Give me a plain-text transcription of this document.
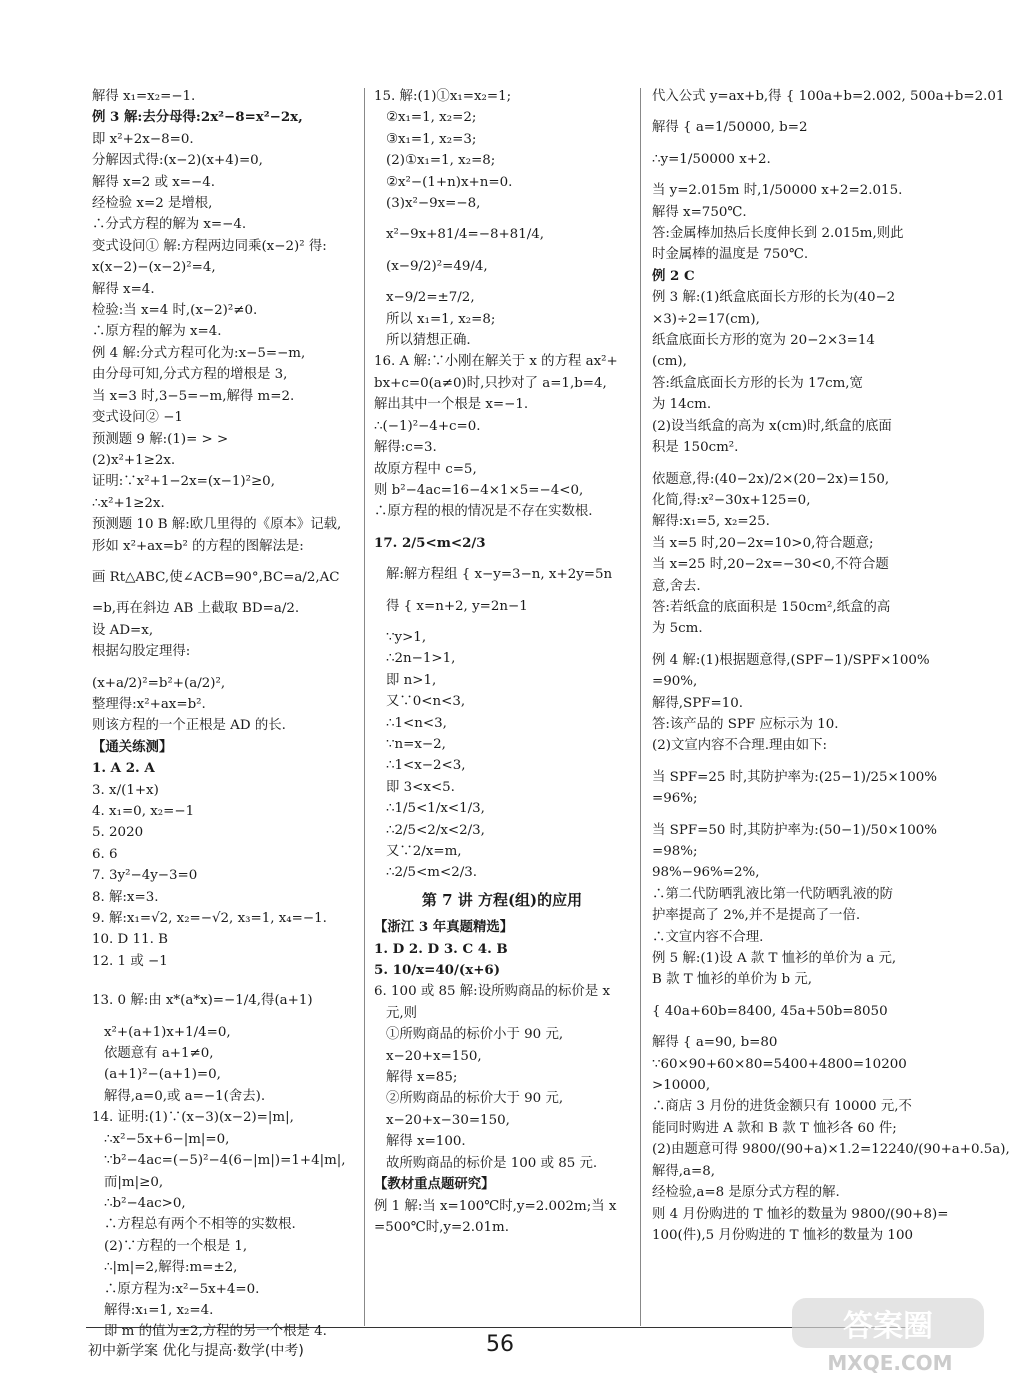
解得 x₁=x₂=−1.
例 3 解:去分母得:2x²−8=x²−2x,
即 x²+2x−8=0.
分解因式得:(x−2)(x+4)=0,
解得 x=2 或 x=−4.
经检验 x=2 是增根,
∴分式方程的解为 x=−4.
变式设问① 解:方程两边同乘(x−2)² 得:
x(x−2)−(x−2)²=4,
解得 x=4.
检验:当 x=4 时,(x−2)²≠0.
∴原方程的解为 x=4.
例 4 解:分式方程可化为:x−5=−m,
由分母可知,分式方程的增根是 3,
当 x=3 时,3−5=−m,解得 m=2.
变式设问② −1
预测题 9 解:(1)= > >
(2)x²+1≥2x.
证明:∵x²+1−2x=(x−1)²≥0,
∴x²+1≥2x.
预测题 10 B 解:欧几里得的《原本》记载,
形如 x²+ax=b² 的方程的图解法是:
画 Rt△ABC,使∠ACB=90°,BC=a/2,AC
=b,再在斜边 AB 上截取 BD=a/2.
设 AD=x,
根据勾股定理得:
(x+a/2)²=b²+(a/2)²,
整理得:x²+ax=b².
则该方程的一个正根是 AD 的长.
【通关练测】
1. A 2. A
3. x/(1+x)
4. x₁=0, x₂=−1
5. 2020
6. 6
7. 3y²−4y−3=0
8. 解:x=3.
9. 解:x₁=√2, x₂=−√2, x₃=1, x₄=−1.
10. D 11. B
12. 1 或 −1
13. 0 解:由 x*(a*x)=−1/4,得(a+1)
x²+(a+1)x+1/4=0,
依题意有 a+1≠0,
(a+1)²−(a+1)=0,
解得,a=0,或 a=−1(舍去).
14. 证明:(1)∵(x−3)(x−2)=|m|,
∴x²−5x+6−|m|=0,
∵b²−4ac=(−5)²−4(6−|m|)=1+4|m|,
而|m|≥0,
∴b²−4ac>0,
∴方程总有两个不相等的实数根.
(2)∵方程的一个根是 1,
∴|m|=2,解得:m=±2,
∴原方程为:x²−5x+4=0.
解得:x₁=1, x₂=4.
即 m 的值为±2,方程的另一个根是 4.
15. 解:(1)①x₁=x₂=1;
②x₁=1, x₂=2;
③x₁=1, x₂=3;
(2)①x₁=1, x₂=8;
②x²−(1+n)x+n=0.
(3)x²−9x=−8,
x²−9x+81/4=−8+81/4,
(x−9/2)²=49/4,
x−9/2=±7/2,
所以 x₁=1, x₂=8;
所以猜想正确.
16. A 解:∵小刚在解关于 x 的方程 ax²+
bx+c=0(a≠0)时,只抄对了 a=1,b=4,
解出其中一个根是 x=−1.
∴(−1)²−4+c=0.
解得:c=3.
故原方程中 c=5,
则 b²−4ac=16−4×1×5=−4<0,
∴原方程的根的情况是不存在实数根.
17. 2/5<m<2/3
解:解方程组 { x−y=3−n, x+2y=5n
得 { x=n+2, y=2n−1
∵y>1,
∴2n−1>1,
即 n>1,
又∵0<n<3,
∴1<n<3,
∵n=x−2,
∴1<x−2<3,
即 3<x<5.
∴1/5<1/x<1/3,
∴2/5<2/x<2/3,
又∵2/x=m,
∴2/5<m<2/3.
第 7 讲 方程(组)的应用
【浙江 3 年真题精选】
1. D 2. D 3. C 4. B
5. 10/x=40/(x+6)
6. 100 或 85 解:设所购商品的标价是 x
元,则
①所购商品的标价小于 90 元,
x−20+x=150,
解得 x=85;
②所购商品的标价大于 90 元,
x−20+x−30=150,
解得 x=100.
故所购商品的标价是 100 或 85 元.
【教材重点题研究】
例 1 解:当 x=100℃时,y=2.002m;当 x
=500℃时,y=2.01m.
代入公式 y=ax+b,得 { 100a+b=2.002, 500a+b=2.01
解得 { a=1/50000, b=2
∴y=1/50000 x+2.
当 y=2.015m 时,1/50000 x+2=2.015.
解得 x=750℃.
答:金属棒加热后长度伸长到 2.015m,则此
时金属棒的温度是 750℃.
例 2 C
例 3 解:(1)纸盒底面长方形的长为(40−2
×3)÷2=17(cm),
纸盒底面长方形的宽为 20−2×3=14
(cm),
答:纸盒底面长方形的长为 17cm,宽
为 14cm.
(2)设当纸盒的高为 x(cm)时,纸盒的底面
积是 150cm².
依题意,得:(40−2x)/2×(20−2x)=150,
化简,得:x²−30x+125=0,
解得:x₁=5, x₂=25.
当 x=5 时,20−2x=10>0,符合题意;
当 x=25 时,20−2x=−30<0,不符合题
意,舍去.
答:若纸盒的底面积是 150cm²,纸盒的高
为 5cm.
例 4 解:(1)根据题意得,(SPF−1)/SPF×100%
=90%,
解得,SPF=10.
答:该产品的 SPF 应标示为 10.
(2)文宣内容不合理.理由如下:
当 SPF=25 时,其防护率为:(25−1)/25×100%
=96%;
当 SPF=50 时,其防护率为:(50−1)/50×100%
=98%;
98%−96%=2%,
∴第二代防晒乳液比第一代防晒乳液的防
护率提高了 2%,并不是提高了一倍.
∴文宣内容不合理.
例 5 解:(1)设 A 款 T 恤衫的单价为 a 元,
B 款 T 恤衫的单价为 b 元,
{ 40a+60b=8400, 45a+50b=8050
解得 { a=90, b=80
∵60×90+60×80=5400+4800=10200
>10000,
∴商店 3 月份的进货金额只有 10000 元,不
能同时购进 A 款和 B 款 T 恤衫各 60 件;
(2)由题意可得 9800/(90+a)×1.2=12240/(90+a+0.5a),
解得,a=8,
经检验,a=8 是原分式方程的解.
则 4 月份购进的 T 恤衫的数量为 9800/(90+8)=
100(件),5 月份购进的 T 恤衫的数量为 100
初中新学案 优化与提高·数学(中考)	56
答案圈
MXQE.COM
